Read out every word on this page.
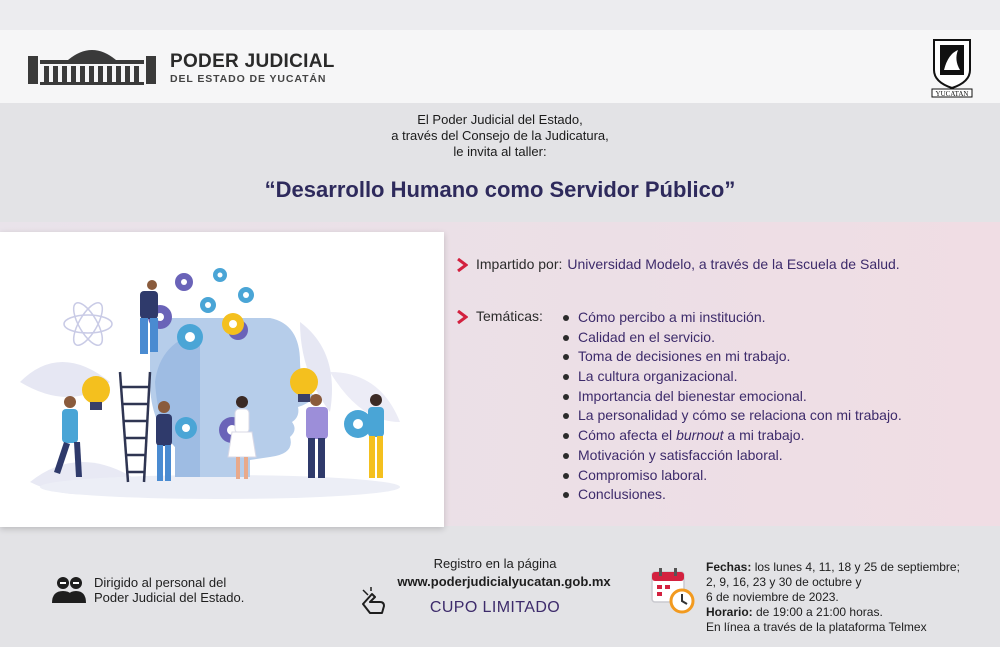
PODER JUDICIAL
DEL ESTADO DE YUCATÁN
YUCATAN
El Poder Judicial del Estado,
a través del Consejo de la Judicatura,
le invita al taller:
“Desarrollo Humano como Servidor Público”
Impartido por: Universidad Modelo, a través de la Escuela de Salud.
Temáticas:	Cómo percibo a mi institución.
Calidad en el servicio.
Toma de decisiones en mi trabajo.
La cultura organizacional.
Importancia del bienestar emocional.
La personalidad y cómo se relaciona con mi trabajo.
Cómo afecta el burnout a mi trabajo.
Motivación y satisfacción laboral.
Compromiso laboral.
Conclusiones.
Dirigido al personal del
Poder Judicial del Estado.
Registro en la página
www.poderjudicialyucatan.gob.mx
CUPO LIMITADO
Fechas: los lunes 4, 11, 18 y 25 de septiembre;
2, 9, 16, 23 y 30 de octubre y
6 de noviembre de 2023.
Horario: de 19:00 a 21:00 horas.
En línea a través de la plataforma Telmex
